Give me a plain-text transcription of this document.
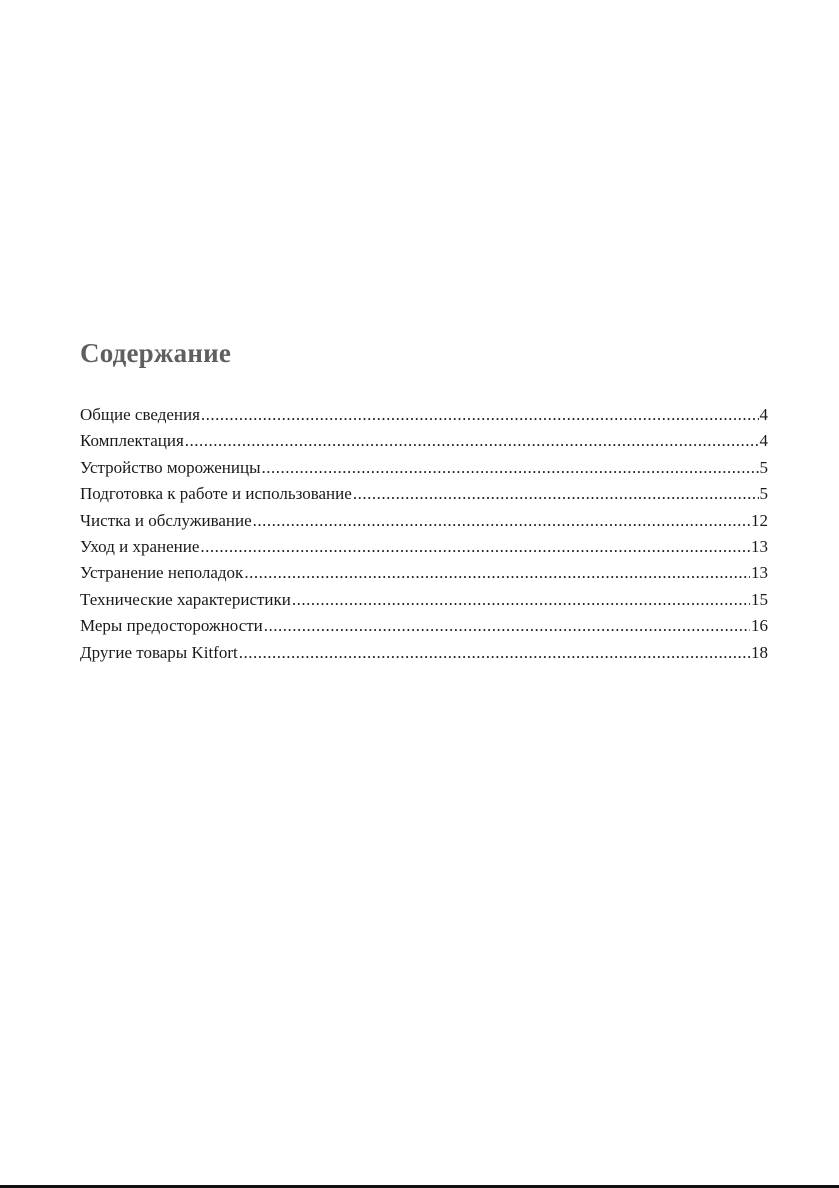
Содержание
Общие сведения .....	4
Комплектация .....	4
Устройство мороженицы .....	5
Подготовка к работе и использование .....	5
Чистка и обслуживание .....	12
Уход и хранение .....	13
Устранение неполадок .....	13
Технические характеристики .....	15
Меры предосторожности .....	16
Другие товары Kitfort .....	18
